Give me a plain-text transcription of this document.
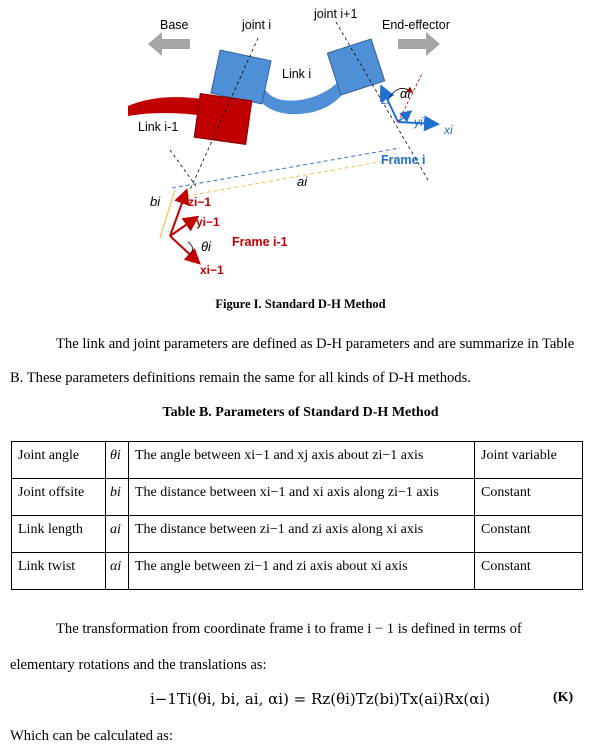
Base	joint i
joint i+1
End-effector
Link i
Link i-1
ai
bi zi−1
yi−1
θi Frame i-1
xi−1
αi
zi
yi
xi
Frame i
Figure I. Standard D-H Method
The link and joint parameters are defined as D-H parameters and are summarize in Table
B. These parameters definitions remain the same for all kinds of D-H methods.
Table B. Parameters of Standard D-H Method
Joint angle	θi	The angle between xi−1 and xj axis about zi−1 axis	Joint variable
Joint offsite	bi	The distance between xi−1 and xi axis along zi−1 axis	Constant
Link length	ai	The distance between zi−1 and zi axis along xi axis	Constant
Link twist	αi	The angle between zi−1 and zi axis about xi axis	Constant
The transformation from coordinate frame i to frame i − 1 is defined in terms of
elementary rotations and the translations as:
i−1Ti(θi, bi, ai, αi) = Rz(θi)Tz(bi)Tx(ai)Rx(αi)	(K)
Which can be calculated as:
